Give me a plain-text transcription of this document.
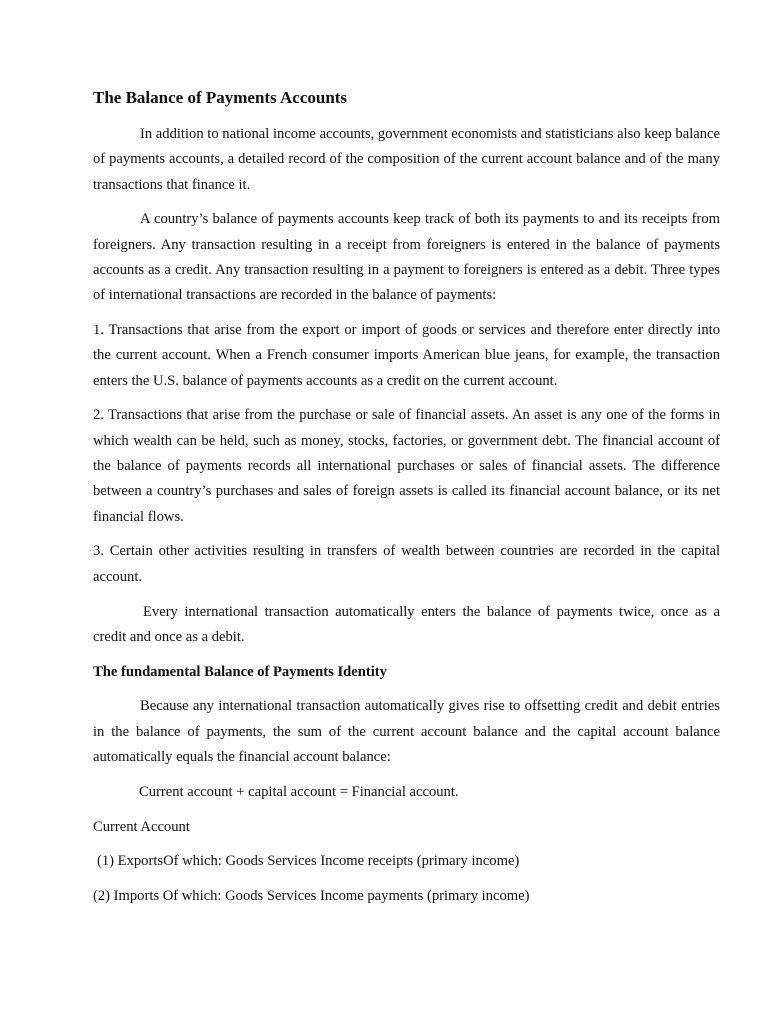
The Balance of Payments Accounts

In addition to national income accounts, government economists and statisticians also keep balance of payments accounts, a detailed record of the composition of the current account balance and of the many transactions that finance it.

A country’s balance of payments accounts keep track of both its payments to and its receipts from foreigners. Any transaction resulting in a receipt from foreigners is entered in the balance of payments accounts as a credit. Any transaction resulting in a payment to foreigners is entered as a debit. Three types of international transactions are recorded in the balance of payments:

1. Transactions that arise from the export or import of goods or services and therefore enter directly into the current account. When a French consumer imports American blue jeans, for example, the transaction enters the U.S. balance of payments accounts as a credit on the current account.

2. Transactions that arise from the purchase or sale of financial assets. An asset is any one of the forms in which wealth can be held, such as money, stocks, factories, or government debt. The financial account of the balance of payments records all international purchases or sales of financial assets. The difference between a country’s purchases and sales of foreign assets is called its financial account balance, or its net financial flows.

3. Certain other activities resulting in transfers of wealth between countries are recorded in the capital account.

Every international transaction automatically enters the balance of payments twice, once as a credit and once as a debit.

The fundamental Balance of Payments Identity

Because any international transaction automatically gives rise to offsetting credit and debit entries in the balance of payments, the sum of the current account balance and the capital account balance automatically equals the financial account balance:

Current account + capital account = Financial account.

Current Account

(1) ExportsOf which: Goods Services Income receipts (primary income)

(2) Imports Of which: Goods Services Income payments (primary income)
